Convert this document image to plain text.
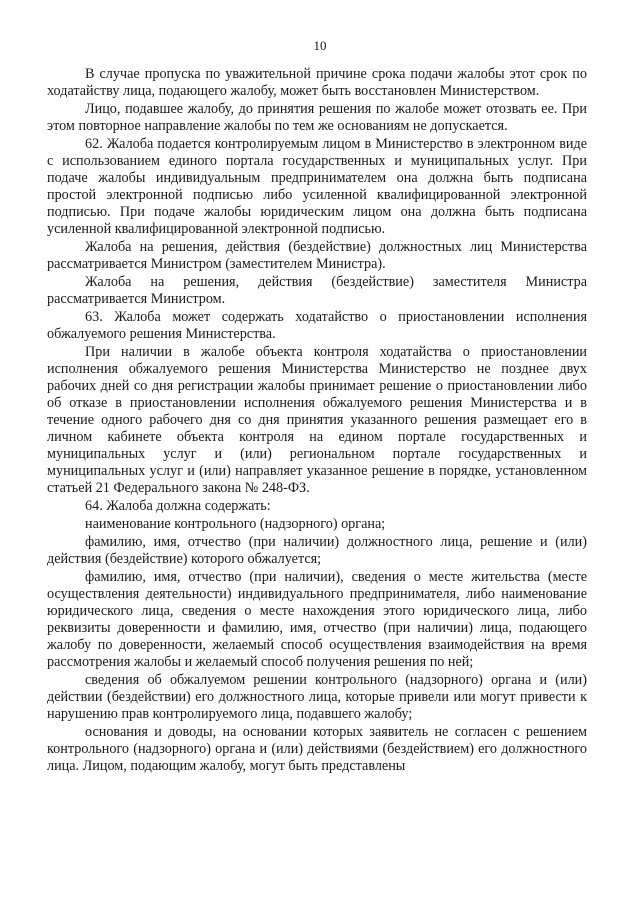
10

В случае пропуска по уважительной причине срока подачи жалобы этот срок по ходатайству лица, подающего жалобу, может быть восстановлен Министерством.

Лицо, подавшее жалобу, до принятия решения по жалобе может отозвать ее. При этом повторное направление жалобы по тем же основаниям не допускается.

62. Жалоба подается контролируемым лицом в Министерство в электронном виде с использованием единого портала государственных и муниципальных услуг. При подаче жалобы индивидуальным предпринимателем она должна быть подписана простой электронной подписью либо усиленной квалифицированной электронной подписью. При подаче жалобы юридическим лицом она должна быть подписана усиленной квалифицированной электронной подписью.

Жалоба на решения, действия (бездействие) должностных лиц Министерства рассматривается Министром (заместителем Министра).

Жалоба на решения, действия (бездействие) заместителя Министра рассматривается Министром.

63. Жалоба может содержать ходатайство о приостановлении исполнения обжалуемого решения Министерства.

При наличии в жалобе объекта контроля ходатайства о приостановлении исполнения обжалуемого решения Министерства Министерство не позднее двух рабочих дней со дня регистрации жалобы принимает решение о приостановлении либо об отказе в приостановлении исполнения обжалуемого решения Министерства и в течение одного рабочего дня со дня принятия указанного решения размещает его в личном кабинете объекта контроля на едином портале государственных и муниципальных услуг и (или) региональном портале государственных и муниципальных услуг и (или) направляет указанное решение в порядке, установленном статьей 21 Федерального закона № 248-ФЗ.

64. Жалоба должна содержать:

наименование контрольного (надзорного) органа;

фамилию, имя, отчество (при наличии) должностного лица, решение и (или) действия (бездействие) которого обжалуется;

фамилию, имя, отчество (при наличии), сведения о месте жительства (месте осуществления деятельности) индивидуального предпринимателя, либо наименование юридического лица, сведения о месте нахождения этого юридического лица, либо реквизиты доверенности и фамилию, имя, отчество (при наличии) лица, подающего жалобу по доверенности, желаемый способ осуществления взаимодействия на время рассмотрения жалобы и желаемый способ получения решения по ней;

сведения об обжалуемом решении контрольного (надзорного) органа и (или) действии (бездействии) его должностного лица, которые привели или могут привести к нарушению прав контролируемого лица, подавшего жалобу;

основания и доводы, на основании которых заявитель не согласен с решением контрольного (надзорного) органа и (или) действиями (бездействием) его должностного лица. Лицом, подающим жалобу, могут быть представлены
